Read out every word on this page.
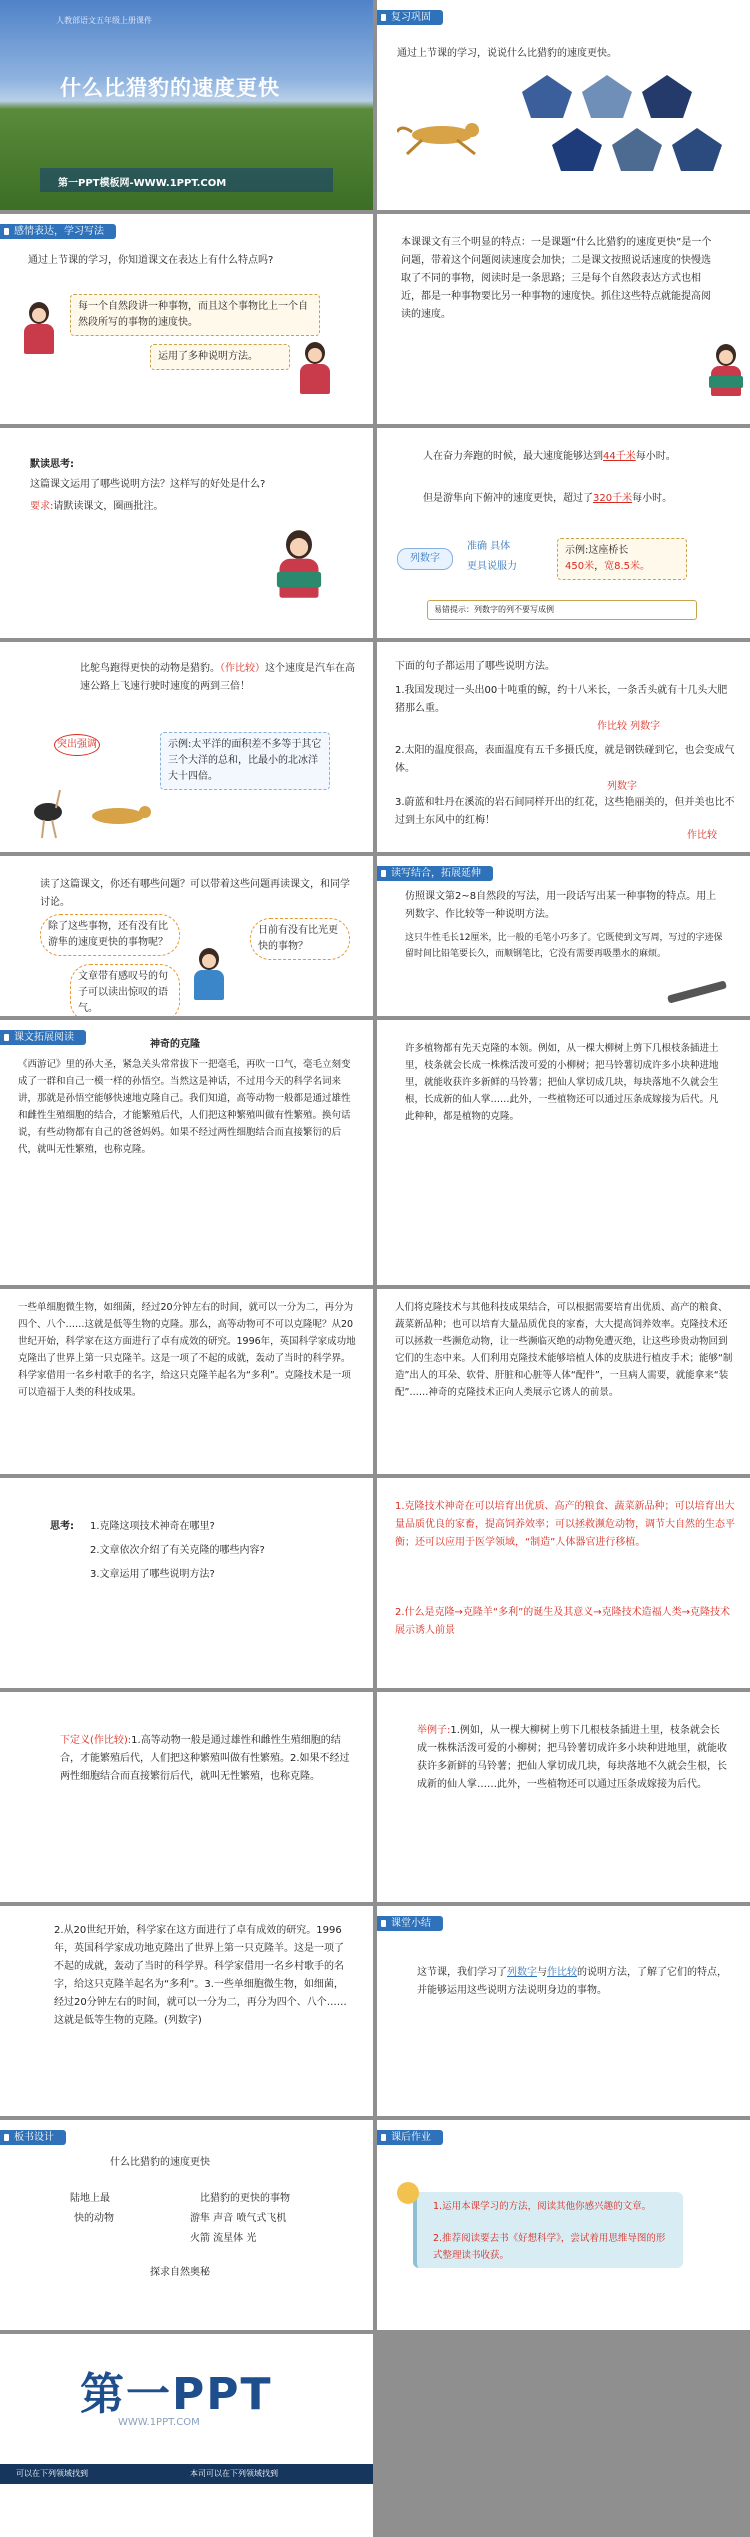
人教部语文五年级上册课件
什么比猎豹的速度更快
第一PPT模板网-WWW.1PPT.COM
复习巩固
通过上节课的学习，说说什么比猎豹的速度更快。
感情表达，学习写法
通过上节课的学习，你知道课文在表达上有什么特点吗?
每一个自然段讲一种事物，而且这个事物比上一个自然段所写的事物的速度快。
运用了多种说明方法。
本课课文有三个明显的特点：一是课题“什么比猎豹的速度更快”是一个问题，带着这个问题阅读速度会加快；二是课文按照说话速度的快慢选取了不同的事物，阅读时是一条思路；三是每个自然段表达方式也相近，都是一种事物要比另一种事物的速度快。抓住这些特点就能提高阅读的速度。
默读思考:
这篇课文运用了哪些说明方法？这样写的好处是什么?
要求:请默读课文，圈画批注。
人在奋力奔跑的时候，最大速度能够达到44千米每小时。
但是游隼向下俯冲的速度更快，超过了320千米每小时。
列数字
准确 具体
更具说服力
示例:这座桥长
450米，宽8.5米。
易错提示：列数字的列不要写成例
比鸵鸟跑得更快的动物是猎豹。（作比较）这个速度是汽车在高速公路上飞速行驶时速度的两到三倍！
突出强调	示例:太平洋的面积差不多等于其它三个大洋的总和，比最小的北冰洋大十四倍。
下面的句子都运用了哪些说明方法。
1.我国发现过一头出00十吨重的鲸，约十八米长，一条舌头就有十几头大肥猪那么重。
作比较 列数字
2.太阳的温度很高，表面温度有五千多摄氏度，就是钢铁碰到它，也会变成气体。
列数字
3.蔚蓝和牡丹在溪流的岩石间同样开出的红花，这些艳丽美的，但并美也比不过到土东风中的红梅！
作比较
读了这篇课文，你还有哪些问题？可以带着这些问题再读课文，和同学讨论。
除了这些事物，还有没有比游隼的速度更快的事物呢？
日前有没有比光更快的事物？
文章带有感叹号的句子可以读出惊叹的语气。
读写结合，拓展延伸
仿照课文第2~8自然段的写法，用一段话写出某一种事物的特点。用上列数字、作比较等一种说明方法。
这只牛性毛长12厘米，比一般的毛笔小巧多了。它既使到文写周，写过的字迹保留时间比铅笔要长久，而顺钢笔比，它没有需要再吸墨水的麻烦。
课文拓展阅读
神奇的克隆
《西游记》里的孙大圣，紧急关头常常拔下一把毫毛，再吹一口气，毫毛立刻变成了一群和自己一模一样的孙悟空。当然这是神话，不过用今天的科学名词来讲，那就是孙悟空能够快速地克隆自己。我们知道，高等动物一般都是通过雄性和雌性生殖细胞的结合，才能繁殖后代，人们把这种繁殖叫做有性繁殖。换句话说，有些动物都有自己的爸爸妈妈。如果不经过两性细胞结合而直接繁衍的后代，就叫无性繁殖，也称克隆。
许多植物都有先天克隆的本领。例如，从一棵大柳树上剪下几根枝条插进土里，枝条就会长成一株株活泼可爱的小柳树；把马铃薯切成许多小块种进地里，就能收获许多新鲜的马铃薯；把仙人掌切成几块，每块落地不久就会生根，长成新的仙人掌……此外，一些植物还可以通过压条成嫁接为后代。凡此种种，都是植物的克隆。
一些单细胞微生物，如细菌，经过20分钟左右的时间，就可以一分为二，再分为四个、八个……这就是低等生物的克隆。那么，高等动物可不可以克隆呢？从20世纪开始，科学家在这方面进行了卓有成效的研究。1996年，英国科学家成功地克隆出了世界上第一只克隆羊。这是一项了不起的成就，轰动了当时的科学界。科学家借用一名乡村歌手的名字，给这只克隆羊起名为“多利”。克隆技术是一项可以造福于人类的科技成果。
人们将克隆技术与其他科技成果结合，可以根据需要培育出优质、高产的粮食、蔬菜新品种；也可以培育大量品质优良的家畜，大大提高饲养效率。克隆技术还可以拯救一些濒危动物，让一些濒临灭绝的动物免遭灭绝，让这些珍贵动物回到它们的生态中来。人们利用克隆技术能够培植人体的皮肤进行植皮手术；能够“制造”出人的耳朵、软骨、肝脏和心脏等人体“配件”，一旦病人需要，就能拿来“装配”……神奇的克隆技术正向人类展示它诱人的前景。
思考: 1.克隆这项技术神奇在哪里?
2.文章依次介绍了有关克隆的哪些内容?
3.文章运用了哪些说明方法?
1.克隆技术神奇在可以培育出优质、高产的粮食、蔬菜新品种；可以培育出大量品质优良的家畜，提高饲养效率；可以拯救濒危动物，调节大自然的生态平衡；还可以应用于医学领域，“制造”人体器官进行移植。
2.什么是克隆→克隆羊“多利”的诞生及其意义→克隆技术造福人类→克隆技术展示诱人前景
下定义(作比较):1.高等动物一般是通过雄性和雌性生殖细胞的结合，才能繁殖后代，人们把这种繁殖叫做有性繁殖。2.如果不经过两性细胞结合而直接繁衍后代，就叫无性繁殖，也称克隆。
举例子:1.例如，从一棵大柳树上剪下几根枝条插进土里，枝条就会长成一株株活泼可爱的小柳树；把马铃薯切成许多小块种进地里，就能收获许多新鲜的马铃薯；把仙人掌切成几块，每块落地不久就会生根，长成新的仙人掌……此外，一些植物还可以通过压条成嫁接为后代。
2.从20世纪开始，科学家在这方面进行了卓有成效的研究。1996年，英国科学家成功地克隆出了世界上第一只克隆羊。这是一项了不起的成就，轰动了当时的科学界。科学家借用一名乡村歌手的名字，给这只克隆羊起名为“多利”。3.一些单细胞微生物，如细菌，经过20分钟左右的时间，就可以一分为二，再分为四个、八个……这就是低等生物的克隆。(列数字)
课堂小结
这节课，我们学习了列数字与作比较的说明方法，了解了它们的特点，并能够运用这些说明方法说明身边的事物。
板书设计
什么比猎豹的速度更快
陆地上最
快的动物
比猎豹的更快的事物
游隼 声音 喷气式飞机
火箭 流星体 光
探求自然奥秘
课后作业
1.运用本课学习的方法，阅读其他你感兴趣的文章。
2.推荐阅读要去书《好想科学》，尝试着用思维导图的形式整理读书收获。
第一PPT
WWW.1PPT.COM
可以在下列领域找到	本司可以在下列领域找到
